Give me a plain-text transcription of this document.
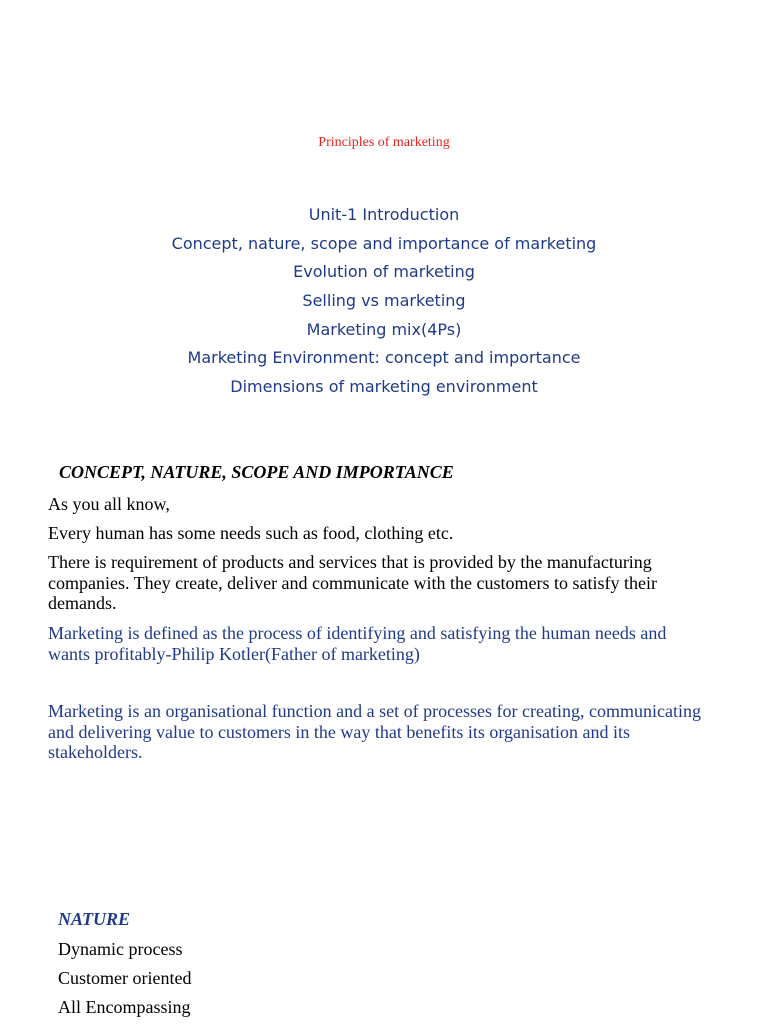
Principles of marketing
Unit-1 Introduction
Concept, nature, scope and importance of marketing
Evolution of marketing
Selling vs marketing
Marketing mix(4Ps)
Marketing Environment: concept and importance
Dimensions of marketing environment
CONCEPT, NATURE, SCOPE AND IMPORTANCE

As you all know,

Every human has some needs such as food, clothing etc.

There is requirement of products and services that is provided by the manufacturing companies. They create, deliver and communicate with the customers to satisfy their demands.

Marketing is defined as the process of identifying and satisfying the human needs and wants profitably-Philip Kotler(Father of marketing)

Marketing is an organisational function and a set of processes for creating, communicating and delivering value to customers in the way that benefits its organisation and its stakeholders.

NATURE
Dynamic process
Customer oriented
All Encompassing
